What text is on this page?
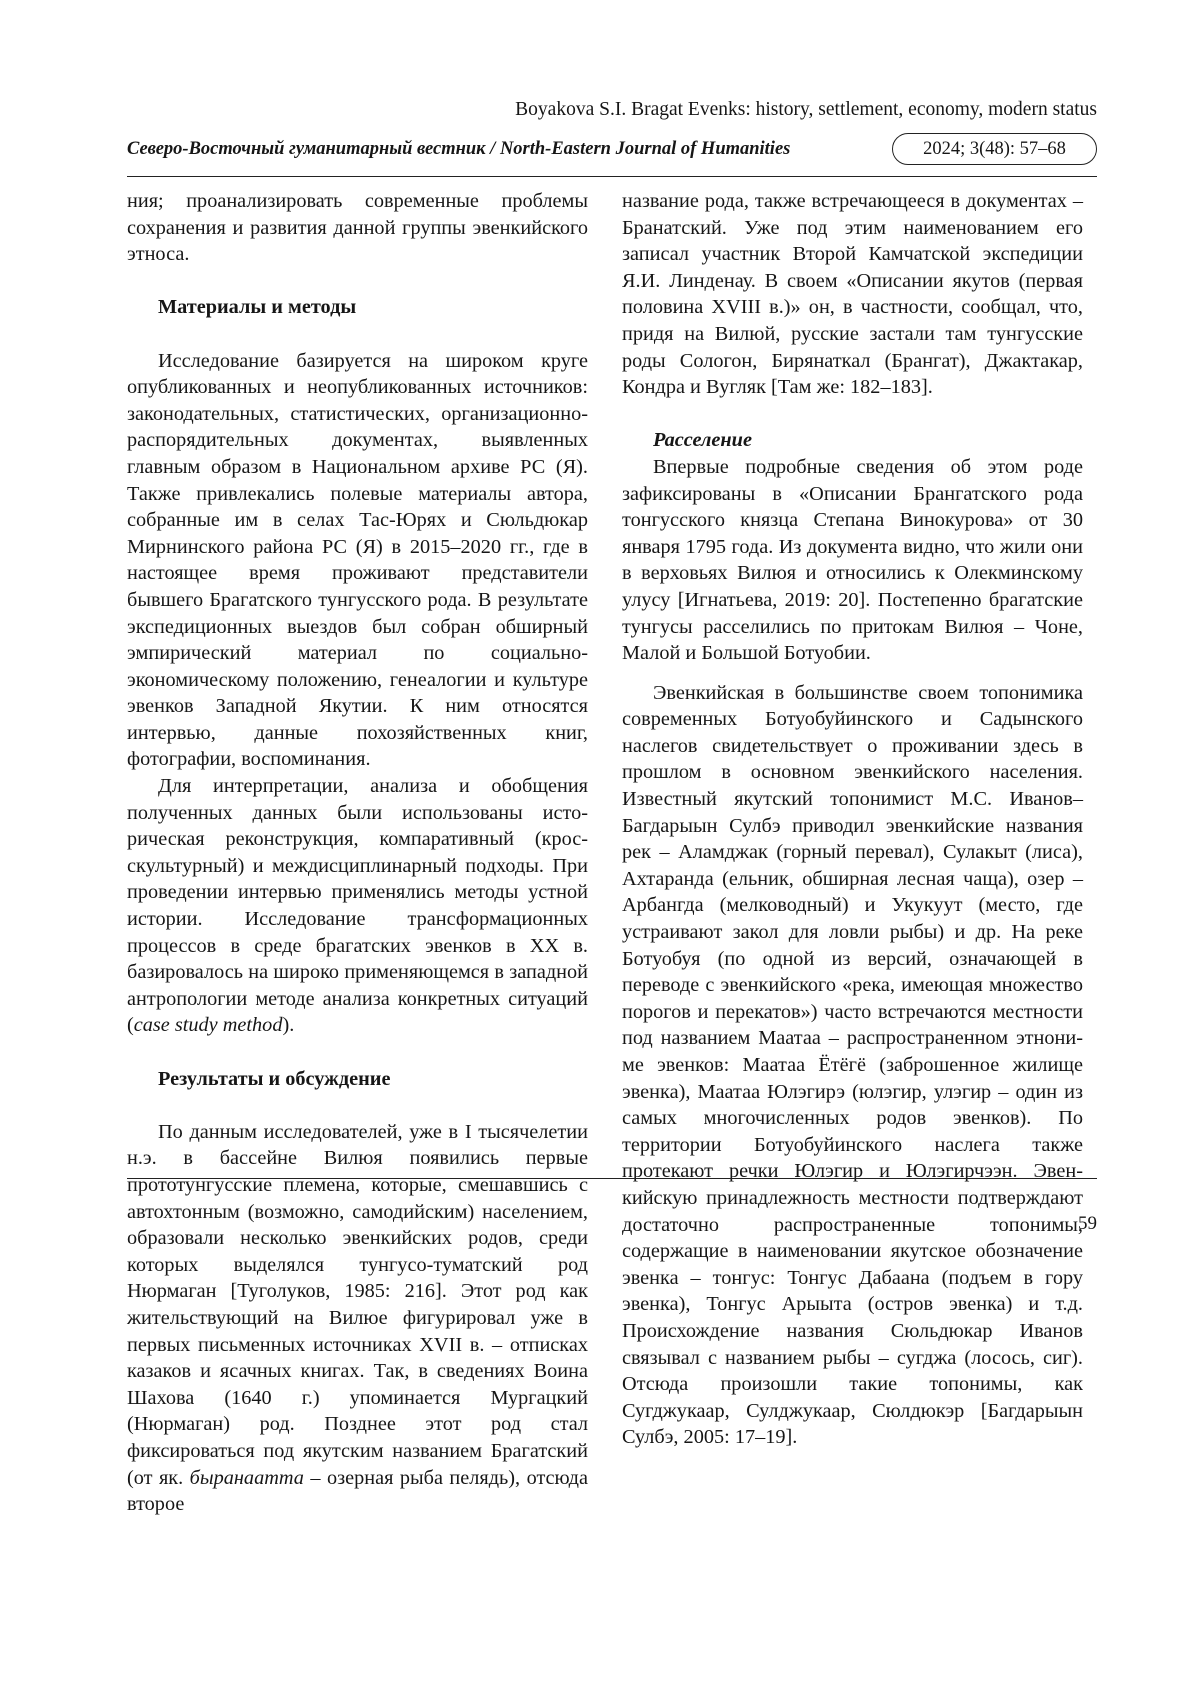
Boyakova S.I. Bragat Evenks: history, settlement, economy, modern status
Северо-Восточный гуманитарный вестник / North-Eastern Journal of Humanities	2024; 3(48): 57–68

ния; проанализировать современные проблемы сохранения и развития данной группы эвенкийского этноса.

Материалы и методы

Исследование базируется на широком круге опубликованных и неопубликованных источников: законодательных, статистических, организационно-распорядительных документах, выявленных главным образом в Национальном архиве РС (Я). Также привлекались полевые материалы автора, собранные им в селах Тас-Юрях и Сюльдюкар Мирнинского района РС (Я) в 2015–2020 гг., где в настоящее время проживают представители бывшего Брагатского тунгусского рода. В результате экспедиционных выездов был собран обширный эмпирический материал по социально-экономическому положению, генеалогии и культуре эвенков Западной Якутии. К ним относятся интервью, данные похозяйственных книг, фотографии, воспоминания.

Для интерпретации, анализа и обобщения полученных данных были использованы историческая реконструкция, компаративный (кросскультурный) и междисциплинарный подходы. При проведении интервью применялись методы устной истории. Исследование трансформационных процессов в среде брагатских эвенков в XX в. базировалось на широко применяющемся в западной антропологии методе анализа конкретных ситуаций (case study method).

Результаты и обсуждение

По данным исследователей, уже в I тысячелетии н.э. в бассейне Вилюя появились первые прототунгусские племена, которые, смешавшись с автохтонным (возможно, самодийским) населением, образовали несколько эвенкийских родов, среди которых выделялся тунгусо-туматский род Нюрмаган [Туголуков, 1985: 216]. Этот род как жительствующий на Вилюе фигурировал уже в первых письменных источниках XVII в. – отписках казаков и ясачных книгах. Так, в сведениях Воина Шахова (1640 г.) упоминается Мургацкий (Нюрмаган) род. Позднее этот род стал фиксироваться под якутским названием Брагатский (от як. быранаатта – озерная рыба пелядь), отсюда второе

название рода, также встречающееся в документах – Бранатский. Уже под этим наименованием его записал участник Второй Камчатской экспедиции Я.И. Линденау. В своем «Описании якутов (первая половина XVIII в.)» он, в частности, сообщал, что, придя на Вилюй, русские застали там тунгусские роды Сологон, Бирянаткал (Брангат), Джактакар, Кондра и Вугляк [Там же: 182–183].

Расселение

Впервые подробные сведения об этом роде зафиксированы в «Описании Брангатского рода тонгусского князца Степана Винокурова» от 30 января 1795 года. Из документа видно, что жили они в верховьях Вилюя и относились к Олекминскому улусу [Игнатьева, 2019: 20]. Постепенно брагатские тунгусы расселились по притокам Вилюя – Чоне, Малой и Большой Ботуобии.

Эвенкийская в большинстве своем топонимика современных Ботуобуйинского и Садынского наслегов свидетельствует о проживании здесь в прошлом в основном эвенкийского населения. Известный якутский топонимист М.С. Иванов–Багдарыын Сулбэ приводил эвенкийские названия рек – Аламджак (горный перевал), Сулакыт (лиса), Ахтаранда (ельник, обширная лесная чаща), озер – Арбангда (мелководный) и Укукуут (место, где устраивают закол для ловли рыбы) и др. На реке Ботуобуя (по одной из версий, означающей в переводе с эвенкийского «река, имеющая множество порогов и перекатов») часто встречаются местности под названием Маатаа – распространенном этнониме эвенков: Маатаа Ётёгё (заброшенное жилище эвенка), Маатаа Юлэгирэ (юлэгир, улэгир – один из самых многочисленных родов эвенков). По территории Ботуобуйинского наслега также протекают речки Юлэгир и Юлэгирчээн. Эвенкийскую принадлежность местности подтверждают достаточно распространенные топонимы, содержащие в наименовании якутское обозначение эвенка – тонгус: Тонгус Дабаана (подъем в гору эвенка), Тонгус Арыыта (остров эвенка) и т.д. Происхождение названия Сюльдюкар Иванов связывал с названием рыбы – сугджа (лосось, сиг). Отсюда произошли такие топонимы, как Сугджукаар, Сулджукаар, Сюлдюкэр [Багдарыын Сулбэ, 2005: 17–19].

59
